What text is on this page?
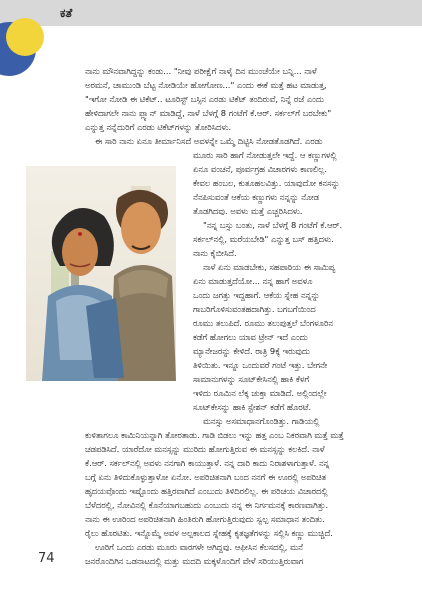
ಕತೆ
ನಾನು ಮೌನವಾಗಿದ್ದನ್ನು ಕಂಡು... "ನೀವು ಪರೀಕ್ಷೆಗೆ ನಾಳೈ ದಿನ ಮುಂಚೆಯೇ ಬನ್ನಿ... ನಾಳೆ
ಅರಮನೆ, ಚಾಮುಂಡಿ ಬೆಟ್ಟ ನೋಡಿಯೇ ಹೋಗೋಣ..." ಎಂದು ಈಕೆ ಮತ್ತೆ ಹಟ ಮಾಡುತ್ತ,
"ಇಗೋ ನೋಡಿ ಈ ಟಿಕೆಟ್.. ಟೂರಿಸ್ಟ್ ಬಸ್ಸಿನ ಎರಡು ಟಿಕೆಟ್ ತಂದಿರುವೆ, ನಿನ್ನೆ ರಜೆ ಎಂದು
ಹೇಳಿದಾಗಲೇ ನಾನು ಪ್ಲ್ಯಾನ್ ಮಾಡಿದ್ದೆ, ನಾಳೆ ಬೆಳಗ್ಗೆ 8 ಗಂಟೆಗೆ ಕೆ.ಆರ್. ಸರ್ಕಲ್‌ಗೆ ಬರಬೇಕು"
ಎನ್ನುತ್ತ ನನ್ನೆದುರಿಗೆ ಎರಡು ಟಿಕೆಟ್‌ಗಳನ್ನು ತೋರಿಸಿದಳು.
ಈ ಸಾರಿ ನಾನು ಏನೂ ತೀರ್ಮಾನಿಸದೆ ಅವಳನ್ನೇ ಒಮ್ಮೆ ದಿಟ್ಟಿಸಿ ನೋಡತೊಡಗಿದೆ. ಎರಡು
ಮೂರು ಸಾರಿ ಹಾಗೆ ನೋಡುತ್ತಲೇ ಇದ್ದೆ. ಆ ಕಣ್ಣುಗಳಲ್ಲಿ
ಏನೂ ವಂಚನೆ, ಪೂರ್ವಗ್ರಹ ವಿಚಾರಗಳು ಕಾಣಲಿಲ್ಲ.
ಕೇವಲ ಹಂಬಲ, ಕುತೂಹಲವಿತ್ತು. ಯಾವುದೋ ಕನಸನ್ನು
ನೆನಪಿಸುವಂತೆ ಆಕೆಯ ಕಣ್ಣುಗಳು ನನ್ನನ್ನು ನೋಡ
ತೊಡಗಿದವು. ಅವಳು ಮತ್ತೆ ಎಚ್ಚರಿಸಿದಳು.
"ನನ್ನ ಬಸ್ಸು ಬಂತು, ನಾಳೆ ಬೆಳಗ್ಗೆ 8 ಗಂಟೆಗೆ ಕೆ.ಆರ್.
ಸರ್ಕಲ್‌ನಲ್ಲಿ, ಮರೆಯಬೇಡಿ" ಎನ್ನುತ್ತ ಬಸ್ ಹತ್ತಿದಳು.
ನಾನು ಕೈಬೀಸಿದೆ.
ನಾಳೆ ಏನು ಮಾಡಬೇಕು, ಸಹಪಾಠಿಯ ಈ ಸಾಮಿಪ್ಯ
ಏನು ಮಾಡುತ್ತದೆಯೋ... ನನ್ನ ಹಾಗೆ ಅವಳೂ
ಒಂದು ಜಗತ್ತು ಇದ್ದಹಾಗೆ. ಆಕೆಯ ಸ್ನೇಹ ನನ್ನನ್ನು
ಗಾಬರಿಗೊಳಿಸುವಂತಹದಾಗಿತ್ತು. ಬಗಬಗೆಯಿಂದ
ರೂಮು ತಲುಪಿದೆ. ರೂಮು ತಲುಪುತ್ತಲೆ ಬೆಂಗಳೂರಿನ
ಕಡೆಗೆ ಹೋಗಲು ಯಾವ ಟ್ರೇನ್ ಇದೆ ಎಂದು
ಮ್ಯಾನೇಜರನ್ನು ಕೇಳಿದೆ. ರಾತ್ರಿ 9ಕ್ಕೆ ಇರುವುದು
ತಿಳಿಯಿತು. ಇನ್ನೂ ಒಂದುವರೆ ಗಂಟೆ ಇತ್ತು. ಬೇಗನೇ
ಸಾಮಾನುಗಳನ್ನು ಸೂಟ್‌ಕೇಸಿನಲ್ಲಿ ಹಾಕಿ ಕೆಳಗೆ
ಇಳಿದು ರೂಮಿನ ಲೆಕ್ಕ ಚುಕ್ತಾ ಮಾಡಿದೆ. ಅಲ್ಲಿಂದಲ್ಲೇ
ಸೂಟ್‌ಕೇಸನ್ನು ಹಾಕಿ ಸ್ಟೇಶನ್ ಕಡೆಗೆ ಹೊರಟೆ.
ಮನಸ್ಸು ಅಸಮಾಧಾನಗೊಂಡಿತ್ತು. ಗಾಡಿಯಲ್ಲಿ
ಕುಳಿತಾಗಲೂ ಕಾಮಿನಿಯನ್ನಾಗಿ ತೋರತಾಡು. ಗಾಡಿ ಬಿಡಲು ಇನ್ನು ಹತ್ತ ಎಂಬ ನಿಕರವಾಗಿ ಮತ್ತೆ ಮತ್ತೆ
ಚಡಪಡಿಸಿದೆ. ಯಾರೆದೋ ಮನಸ್ಸನ್ನು ಮುರಿದು ಹೋಗುತ್ತಿರುವ ಈ ಮನಸ್ಸನ್ನು ಕಲಕಿದೆ. ನಾಳೆ
ಕೆ.ಆರ್. ಸರ್ಕಲ್‌ನಲ್ಲಿ ಅವಳು ನನಗಾಗಿ ಕಾಯುತ್ತಾಳೆ. ನನ್ನ ದಾರಿ ಕಾದು ನಿರಾಶಳಾಗುತ್ತಾಳೆ. ನನ್ನ
ಬಗ್ಗೆ ಏನು ತಿಳಿದುಕೊಳ್ಳುತ್ತಾಳೋ ಏನೋ. ಅಪರಿಚಿತನಾಗಿ ಬಂದ ನನಗೆ ಈ ಊರಲ್ಲಿ ಅಪರಿಚಿತ
ಹೃದಯವೊಂದು ಇಷ್ಟೊಂದು ಹತ್ತಿರವಾಗಿದೆ ಎಂಬುದು ತಿಳಿದಿರಲಿಲ್ಲ. ಈ ಪರಿಚಯ ವಿಚಾರದಲ್ಲಿ
ಬೆಳೆದರಲ್ಲಿ, ನೋವಿನಲ್ಲಿ ಕೊನೆಯಾಗಬಹುದು ಎಂಬುದು ನನ್ನ ಈ ನಿರ್ಗಮನಕ್ಕೆ ಕಾರಣವಾಗಿತ್ತು.
ನಾನು ಈ ಊರಿಂದ ಅಪರಿಚಿತನಾಗಿ ಹಿಂತಿರುಗಿ ಹೋಗುತ್ತಿರುವುದು ಸ್ವಲ್ಪ ಸಮಾಧಾನ ತಂದಿತು.
ರೈಲು ಹೊರಟಿತು. ಇನ್ನೊಮ್ಮೆ ಅವಳ ಅಲ್ಪಕಾಲದ ಸ್ನೇಹಕ್ಕೆ ಕೃತಜ್ಞತೆಗಳನ್ನು ಸಲ್ಲಿಸಿ ಕಣ್ಣು ಮುಚ್ಚಿದೆ.
ಊರಿಗೆ ಒಂದು ಎರಡು ಮೂರು ವಾರಗಳೇ ಆಗಿದ್ದವು. ಆಫೀಸಿನ ಕೆಲಸದಲ್ಲಿ, ಮನೆ
ಜನರೊಂದಿಗಿನ ಒಡನಾಟದಲ್ಲಿ ಮತ್ತು ಮದದಿ ಮಕ್ಕಳೊಂದಿಗೆ ವೇಳೆ ಸರಿಯುತ್ತಿರುವಾಗ
74
